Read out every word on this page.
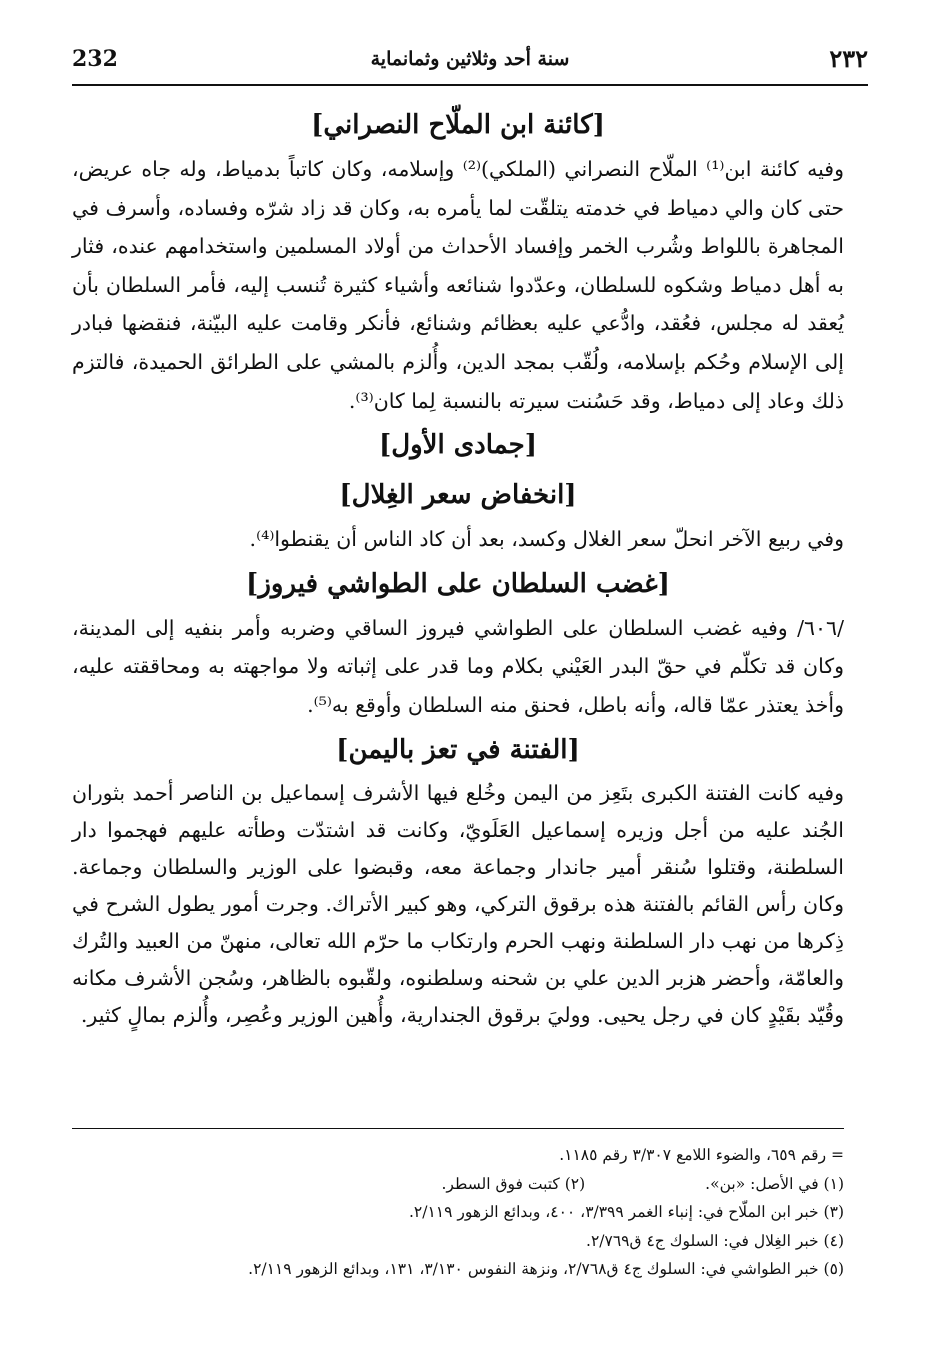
232	سنة أحد وثلاثين وثمانماية	٢٣٢
[كائنة ابن الملّاح النصراني]

وفيه كائنة ابن⁽¹⁾ الملّاح النصراني (الملكي)⁽²⁾ وإسلامه، وكان كاتباً بدمياط، وله جاه عريض، حتى كان والي دمياط في خدمته يتلقّت لما يأمره به، وكان قد زاد شرّه وفساده، وأسرف في المجاهرة باللواط وشُرب الخمر وإفساد الأحداث من أولاد المسلمين واستخدامهم عنده، فثار به أهل دمياط وشكوه للسلطان، وعدّدوا شنائعه وأشياء كثيرة تُنسب إليه، فأمر السلطان بأن يُعقد له مجلس، فعُقد، وادُّعي عليه بعظائم وشنائع، فأنكر وقامت عليه البيّنة، فنقضها فبادر إلى الإسلام وحُكم بإسلامه، ولُقّب بمجد الدين، وأُلزم بالمشي على الطرائق الحميدة، فالتزم ذلك وعاد إلى دمياط، وقد حَسُنت سيرته بالنسبة لِما كان⁽³⁾.

[جمادى الأول]
[انخفاض سعر الغِلال]

وفي ربيع الآخر انحلّ سعر الغلال وكسد، بعد أن كاد الناس أن يقنطوا⁽⁴⁾.

[غضب السلطان على الطواشي فيروز]

/٦٠٦/ وفيه غضب السلطان على الطواشي فيروز الساقي وضربه وأمر بنفيه إلى المدينة، وكان قد تكلّم في حقّ البدر العَيْني بكلام وما قدر على إثباته ولا مواجهته به ومحاققته عليه، وأخذ يعتذر عمّا قاله، وأنه باطل، فحنق منه السلطان وأوقع به⁽⁵⁾.

[الفتنة في تعز باليمن]

وفيه كانت الفتنة الكبرى بتَعِز من اليمن وخُلع فيها الأشرف إسماعيل بن الناصر أحمد بثوران الجُند عليه من أجل وزيره إسماعيل العَلَويّ، وكانت قد اشتدّت وطأته عليهم فهجموا دار السلطنة، وقتلوا سُنقر أمير جاندار وجماعة معه، وقبضوا على الوزير والسلطان وجماعة. وكان رأس القائم بالفتنة هذه برقوق التركي، وهو كبير الأتراك. وجرت أمور يطول الشرح في ذِكرها من نهب دار السلطنة ونهب الحرم وارتكاب ما حرّم الله تعالى، منهنّ من العبيد والتُرك والعامّة، وأحضر هزبر الدين علي بن شحنه وسلطنوه، ولقّبوه بالظاهر، وسُجن الأشرف مكانه وقُيّد بقَيْدٍ كان في رجل يحيى. ووليَ برقوق الجندارية، وأُهين الوزير وعُصِر، وأُلزم بمالٍ كثير.

= رقم ٦٥٩، والضوء اللامع ٣/٣٠٧ رقم ١١٨٥.
(١) في الأصل: «بن».(٢) كتبت فوق السطر.
(٣) خبر ابن الملّاح في: إنباء الغمر ٣/٣٩٩، ٤٠٠، وبدائع الزهور ٢/١١٩.
(٤) خبر الغِلال في: السلوك ج٤ ق٢/٧٦٩.
(٥) خبر الطواشي في: السلوك ج٤ ق٢/٧٦٨، ونزهة النفوس ٣/١٣٠، ١٣١، وبدائع الزهور ٢/١١٩.
